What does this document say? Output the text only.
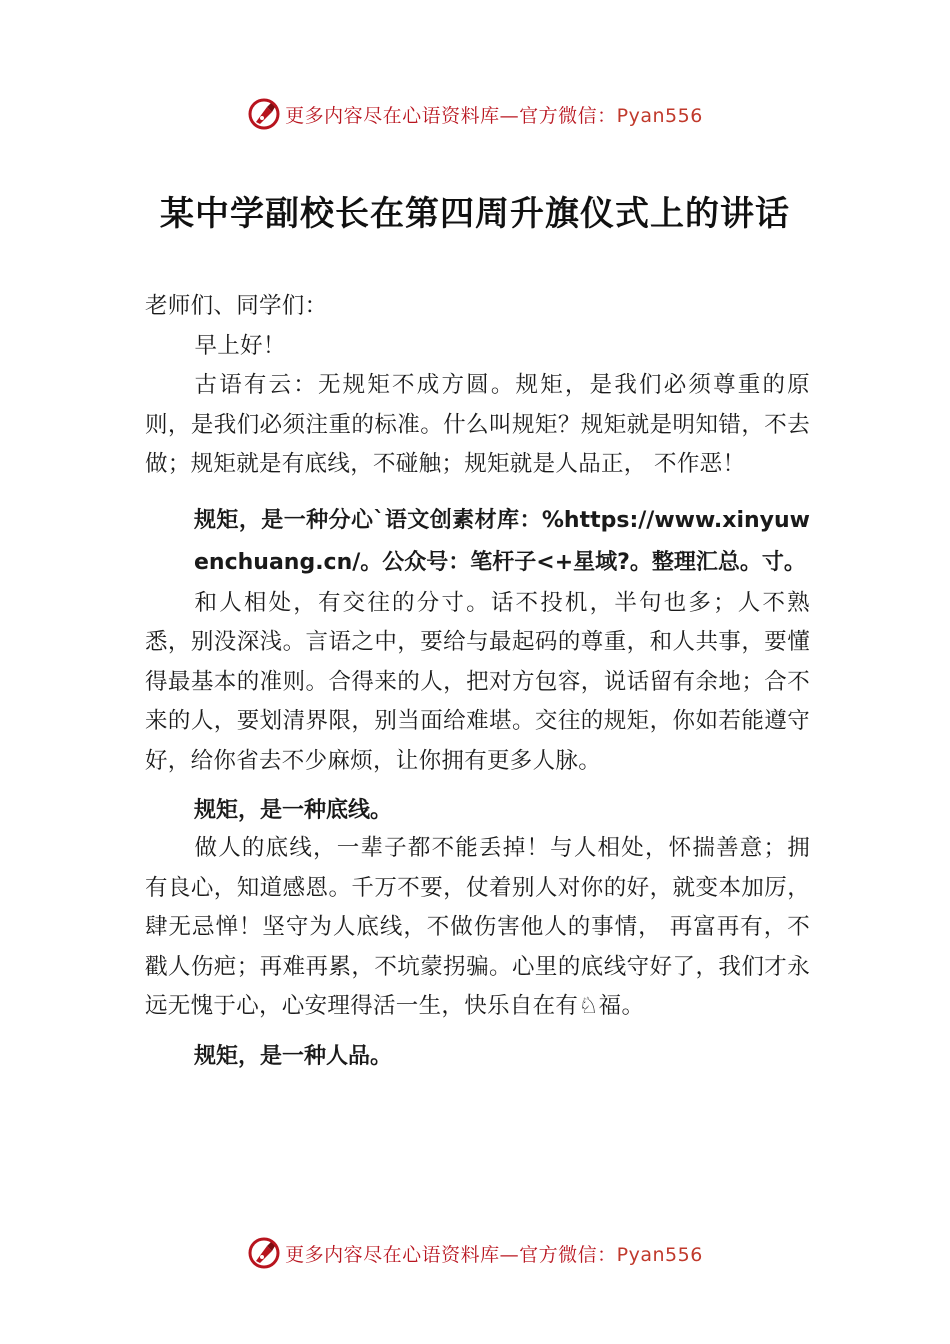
更多内容尽在心语资料库—官方微信：Pyan556
某中学副校长在第四周升旗仪式上的讲话

老师们、同学们：

早上好！

古语有云：无规矩不成方圆。规矩，是我们必须尊重的原则，是我们必须注重的标准。什么叫规矩？规矩就是明知错，不去做；规矩就是有底线，不碰触；规矩就是人品正， 不作恶！

规矩，是一种分心`语文创素材库：%https://www.xinyuwenchuang.cn/。公众号：笔杆子<+星域?。整理汇总。寸。

和人相处，有交往的分寸。话不投机，半句也多；人不熟悉，别没深浅。言语之中，要给与最起码的尊重，和人共事，要懂得最基本的准则。合得来的人，把对方包容，说话留有余地；合不来的人，要划清界限，别当面给难堪。交往的规矩，你如若能遵守好，给你省去不少麻烦，让你拥有更多人脉。

规矩，是一种底线。

做人的底线，一辈子都不能丢掉！与人相处，怀揣善意；拥有良心，知道感恩。千万不要，仗着别人对你的好，就变本加厉，肆无忌惮！坚守为人底线，不做伤害他人的事情， 再富再有，不戳人伤疤；再难再累，不坑蒙拐骗。心里的底线守好了，我们才永远无愧于心，心安理得活一生，快乐自在有♘福。

规矩，是一种人品。

更多内容尽在心语资料库—官方微信：Pyan556
